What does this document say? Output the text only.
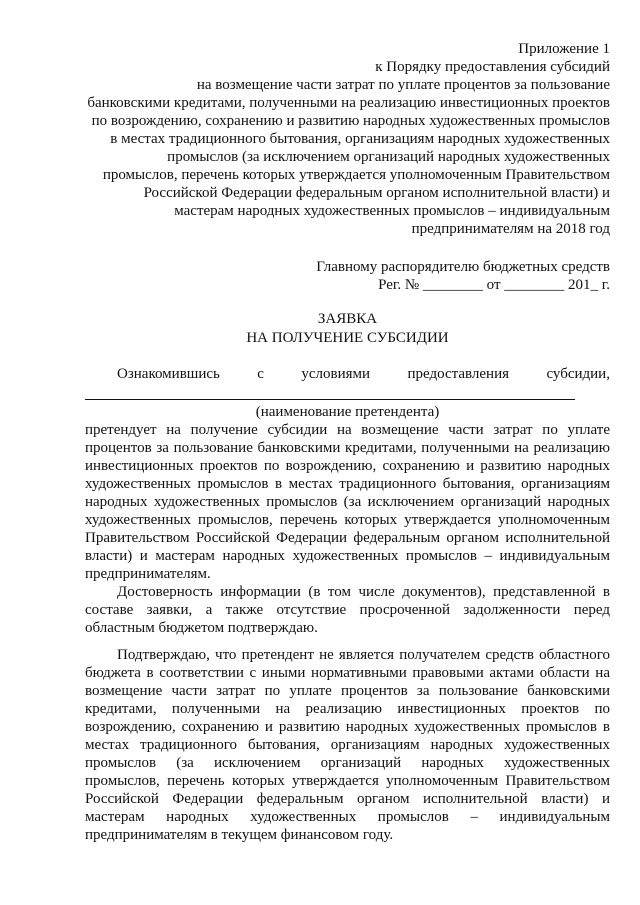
Приложение 1
к Порядку предоставления субсидий
на возмещение части затрат по уплате процентов за пользование
банковскими кредитами, полученными на реализацию инвестиционных проектов
по возрождению, сохранению и развитию народных художественных промыслов
в местах традиционного бытования, организациям народных художественных
промыслов (за исключением организаций народных художественных
промыслов, перечень которых утверждается уполномоченным Правительством
Российской Федерации федеральным органом исполнительной власти) и
мастерам народных художественных промыслов – индивидуальным
предпринимателям на 2018 год
Главному распорядителю бюджетных средств
Рег. № ________ от ________ 201_ г.
ЗАЯВКА
НА ПОЛУЧЕНИЕ СУБСИДИИ
Ознакомившись с условиями предоставления субсидии,
(наименование претендента)
претендует на получение субсидии на возмещение части затрат по уплате
процентов за пользование банковскими кредитами, полученными на реализацию
инвестиционных проектов по возрождению, сохранению и развитию народных
художественных промыслов в местах традиционного бытования, организациям
народных художественных промыслов (за исключением организаций народных
художественных промыслов, перечень которых утверждается уполномоченным
Правительством Российской Федерации федеральным органом исполнительной
власти) и мастерам народных художественных промыслов – индивидуальным
предпринимателям.
Достоверность информации (в том числе документов), представленной в
составе заявки, а также отсутствие просроченной задолженности перед
областным бюджетом подтверждаю.
Подтверждаю, что претендент не является получателем средств областного
бюджета в соответствии с иными нормативными правовыми актами области на
возмещение части затрат по уплате процентов за пользование банковскими
кредитами, полученными на реализацию инвестиционных проектов по
возрождению, сохранению и развитию народных художественных промыслов в
местах традиционного бытования, организациям народных художественных
промыслов (за исключением организаций народных художественных
промыслов, перечень которых утверждается уполномоченным Правительством
Российской Федерации федеральным органом исполнительной власти) и
мастерам народных художественных промыслов – индивидуальным
предпринимателям в текущем финансовом году.
